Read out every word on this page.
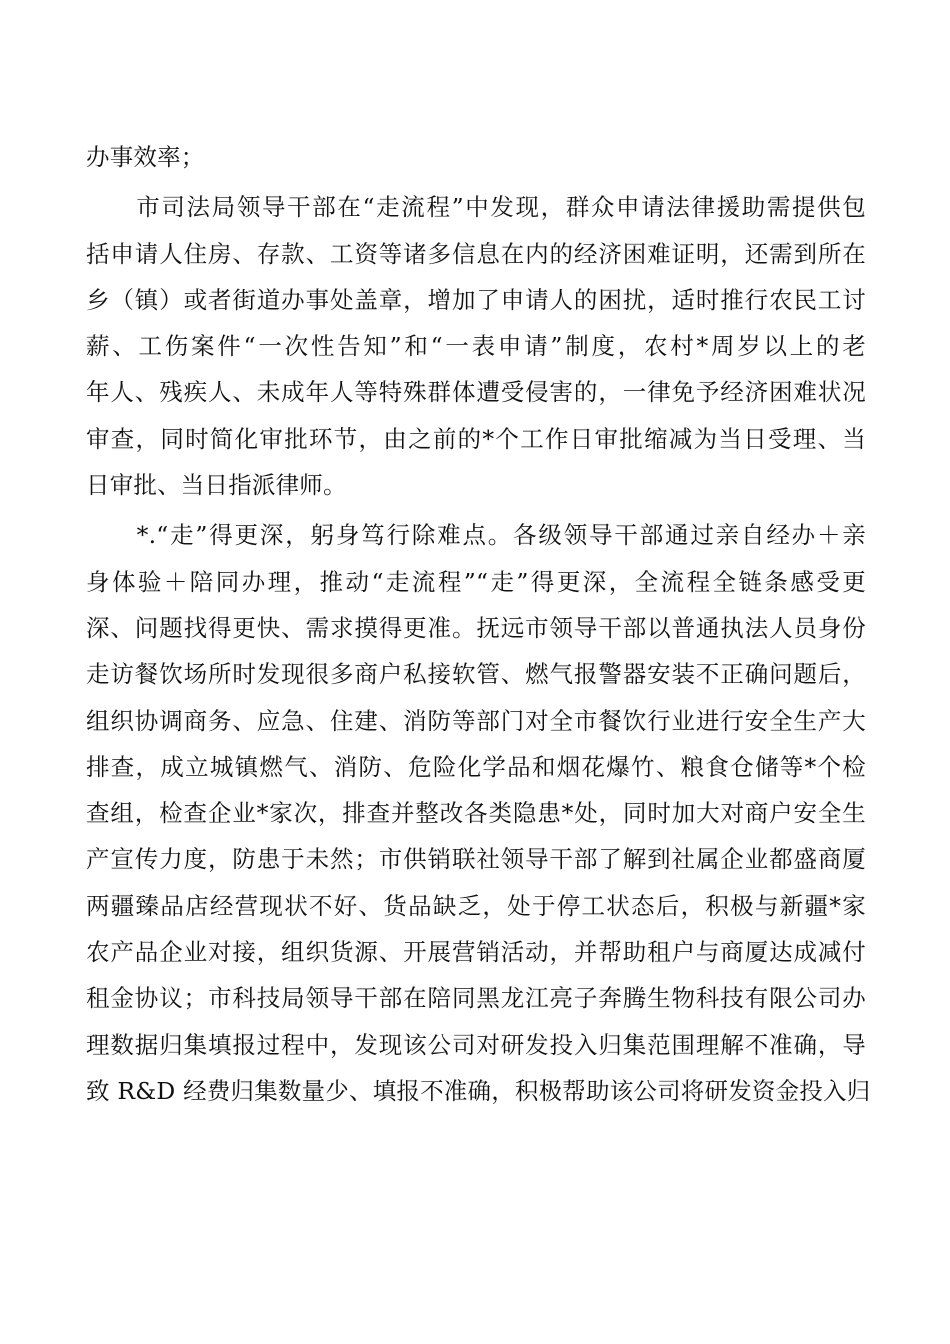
办事效率；
　　市司法局领导干部在“走流程”中发现，群众申请法律援助需提供包
括申请人住房、存款、工资等诸多信息在内的经济困难证明，还需到所在
乡（镇）或者街道办事处盖章，增加了申请人的困扰，适时推行农民工讨
薪、工伤案件“一次性告知”和“一表申请”制度，农村*周岁以上的老
年人、残疾人、未成年人等特殊群体遭受侵害的，一律免予经济困难状况
审查，同时简化审批环节，由之前的*个工作日审批缩减为当日受理、当
日审批、当日指派律师。
　　*.“走”得更深，躬身笃行除难点。各级领导干部通过亲自经办＋亲
身体验＋陪同办理，推动“走流程”“走”得更深，全流程全链条感受更
深、问题找得更快、需求摸得更准。抚远市领导干部以普通执法人员身份
走访餐饮场所时发现很多商户私接软管、燃气报警器安装不正确问题后，
组织协调商务、应急、住建、消防等部门对全市餐饮行业进行安全生产大
排查，成立城镇燃气、消防、危险化学品和烟花爆竹、粮食仓储等*个检
查组，检查企业*家次，排查并整改各类隐患*处，同时加大对商户安全生
产宣传力度，防患于未然；市供销联社领导干部了解到社属企业都盛商厦
两疆臻品店经营现状不好、货品缺乏，处于停工状态后，积极与新疆*家
农产品企业对接，组织货源、开展营销活动，并帮助租户与商厦达成减付
租金协议；市科技局领导干部在陪同黑龙江亮子奔腾生物科技有限公司办
理数据归集填报过程中，发现该公司对研发投入归集范围理解不准确，导
致 R&D 经费归集数量少、填报不准确，积极帮助该公司将研发资金投入归
